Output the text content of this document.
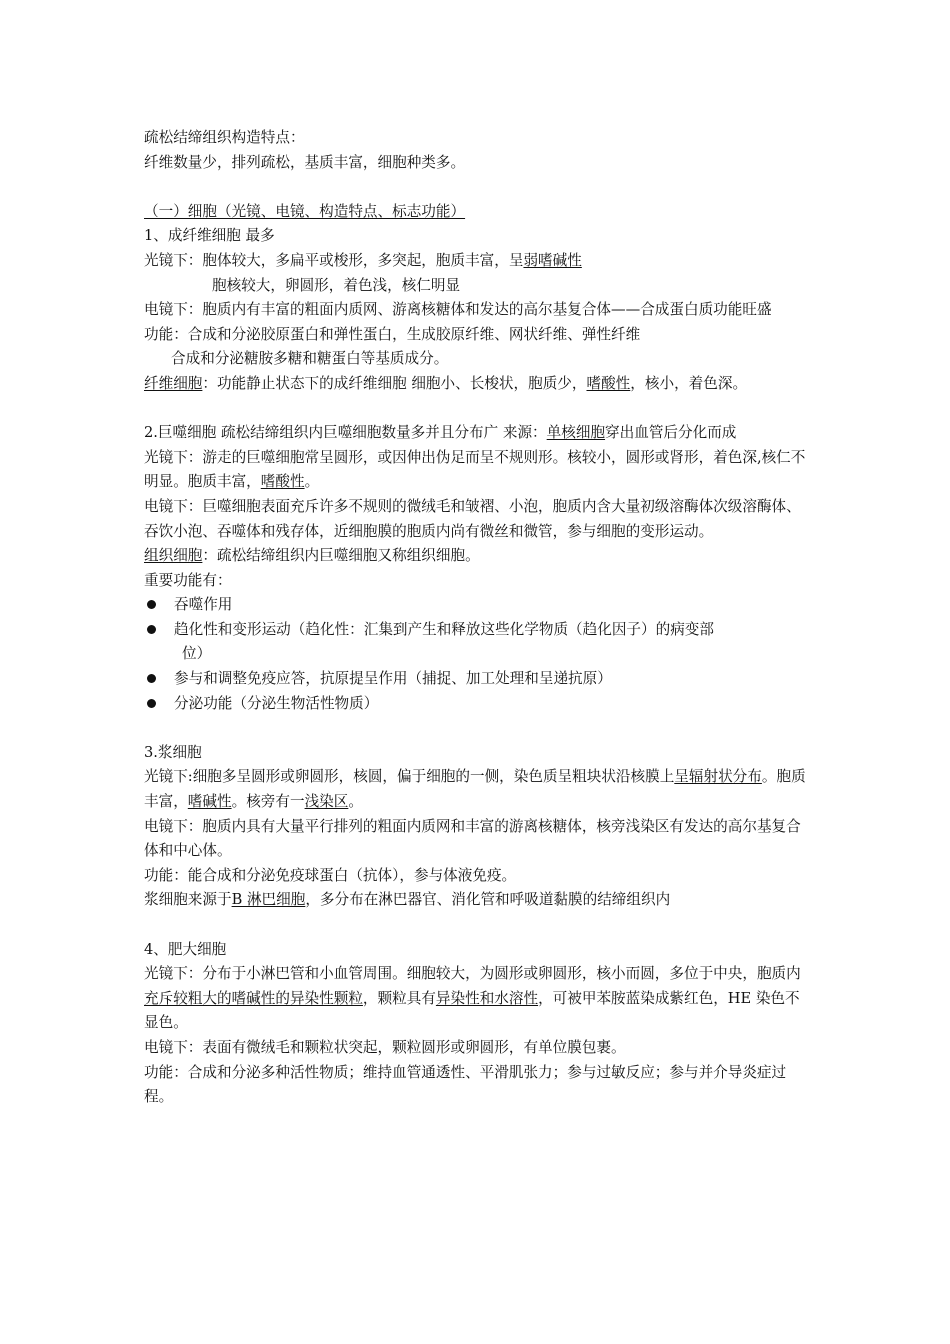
疏松结缔组织构造特点：

纤维数量少，排列疏松，基质丰富，细胞种类多。

（一）细胞（光镜、电镜、构造特点、标志功能）

1、成纤维细胞 最多

光镜下：胞体较大，多扁平或梭形，多突起，胞质丰富，呈弱嗜碱性

胞核较大，卵圆形，着色浅，核仁明显

电镜下：胞质内有丰富的粗面内质网、游离核糖体和发达的高尔基复合体——合成蛋白质功能旺盛

功能：合成和分泌胶原蛋白和弹性蛋白，生成胶原纤维、网状纤维、弹性纤维

合成和分泌糖胺多糖和糖蛋白等基质成分。

纤维细胞：功能静止状态下的成纤维细胞 细胞小、长梭状，胞质少，嗜酸性，核小，着色深。

2.巨噬细胞 疏松结缔组织内巨噬细胞数量多并且分布广 来源：单核细胞穿出血管后分化而成

光镜下：游走的巨噬细胞常呈圆形，或因伸出伪足而呈不规则形。核较小，圆形或肾形，着色深,核仁不明显。胞质丰富，嗜酸性。

电镜下：巨噬细胞表面充斥许多不规则的微绒毛和皱褶、小泡，胞质内含大量初级溶酶体次级溶酶体、吞饮小泡、吞噬体和残存体，近细胞膜的胞质内尚有微丝和微管，参与细胞的变形运动。

组织细胞：疏松结缔组织内巨噬细胞又称组织细胞。

重要功能有：

吞噬作用
趋化性和变形运动（趋化性：汇集到产生和释放这些化学物质（趋化因子）的病变部
位）
参与和调整免疫应答，抗原提呈作用（捕捉、加工处理和呈递抗原）
分泌功能（分泌生物活性物质）

3.浆细胞

光镜下:细胞多呈圆形或卵圆形，核圆，偏于细胞的一侧，染色质呈粗块状沿核膜上呈辐射状分布。胞质丰富，嗜碱性。核旁有一浅染区。

电镜下：胞质内具有大量平行排列的粗面内质网和丰富的游离核糖体，核旁浅染区有发达的高尔基复合体和中心体。

功能：能合成和分泌免疫球蛋白（抗体），参与体液免疫。

浆细胞来源于B 淋巴细胞，多分布在淋巴器官、消化管和呼吸道黏膜的结缔组织内

4、肥大细胞

光镜下：分布于小淋巴管和小血管周围。细胞较大，为圆形或卵圆形，核小而圆，多位于中央，胞质内充斥较粗大的嗜碱性的异染性颗粒，颗粒具有异染性和水溶性，可被甲苯胺蓝染成紫红色，HE 染色不显色。

电镜下：表面有微绒毛和颗粒状突起，颗粒圆形或卵圆形，有单位膜包裹。

功能：合成和分泌多种活性物质；维持血管通透性、平滑肌张力；参与过敏反应；参与并介导炎症过程。
